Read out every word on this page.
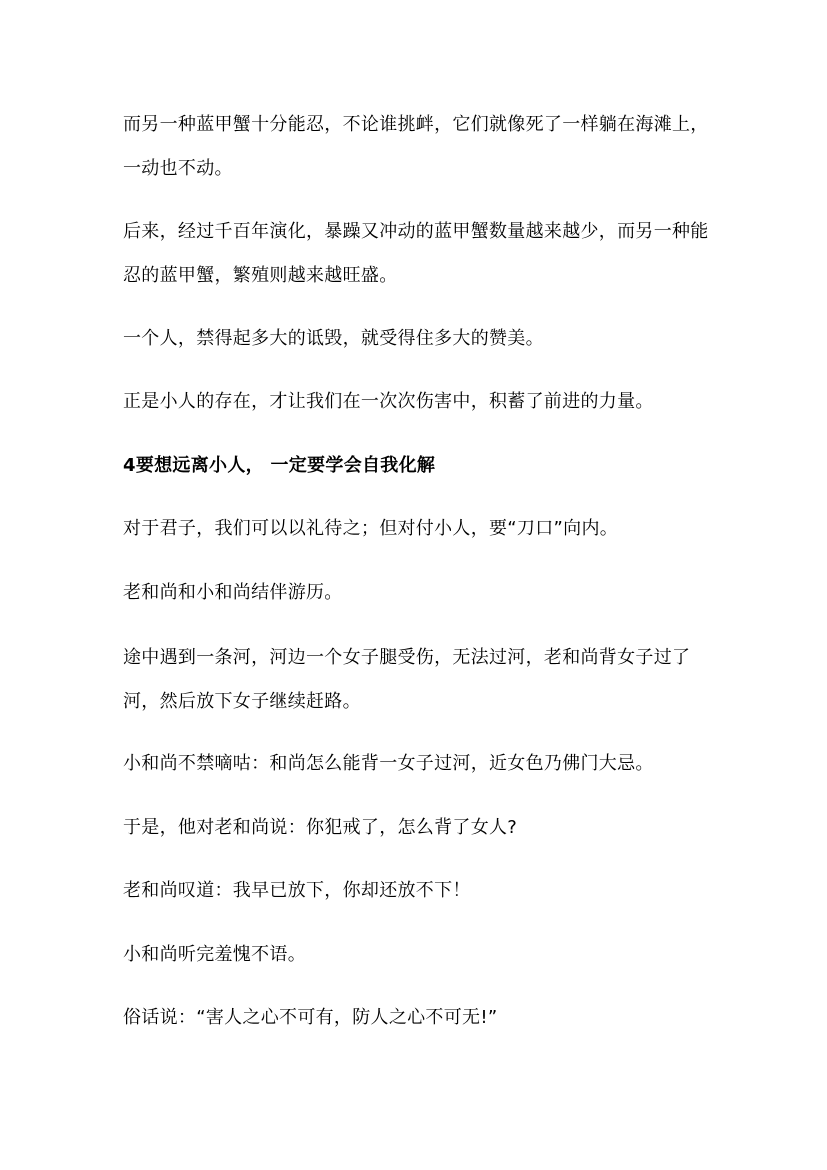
而另一种蓝甲蟹十分能忍，不论谁挑衅，它们就像死了一样躺在海滩上，一动也不动。

后来，经过千百年演化，暴躁又冲动的蓝甲蟹数量越来越少，而另一种能忍的蓝甲蟹，繁殖则越来越旺盛。

一个人，禁得起多大的诋毁，就受得住多大的赞美。

正是小人的存在，才让我们在一次次伤害中，积蓄了前进的力量。

4要想远离小人， 一定要学会自我化解

对于君子，我们可以以礼待之；但对付小人，要“刀口”向内。

老和尚和小和尚结伴游历。

途中遇到一条河，河边一个女子腿受伤，无法过河，老和尚背女子过了河，然后放下女子继续赶路。

小和尚不禁嘀咕：和尚怎么能背一女子过河，近女色乃佛门大忌。

于是，他对老和尚说：你犯戒了，怎么背了女人?

老和尚叹道：我早已放下，你却还放不下！

小和尚听完羞愧不语。

俗话说：“害人之心不可有，防人之心不可无!”
